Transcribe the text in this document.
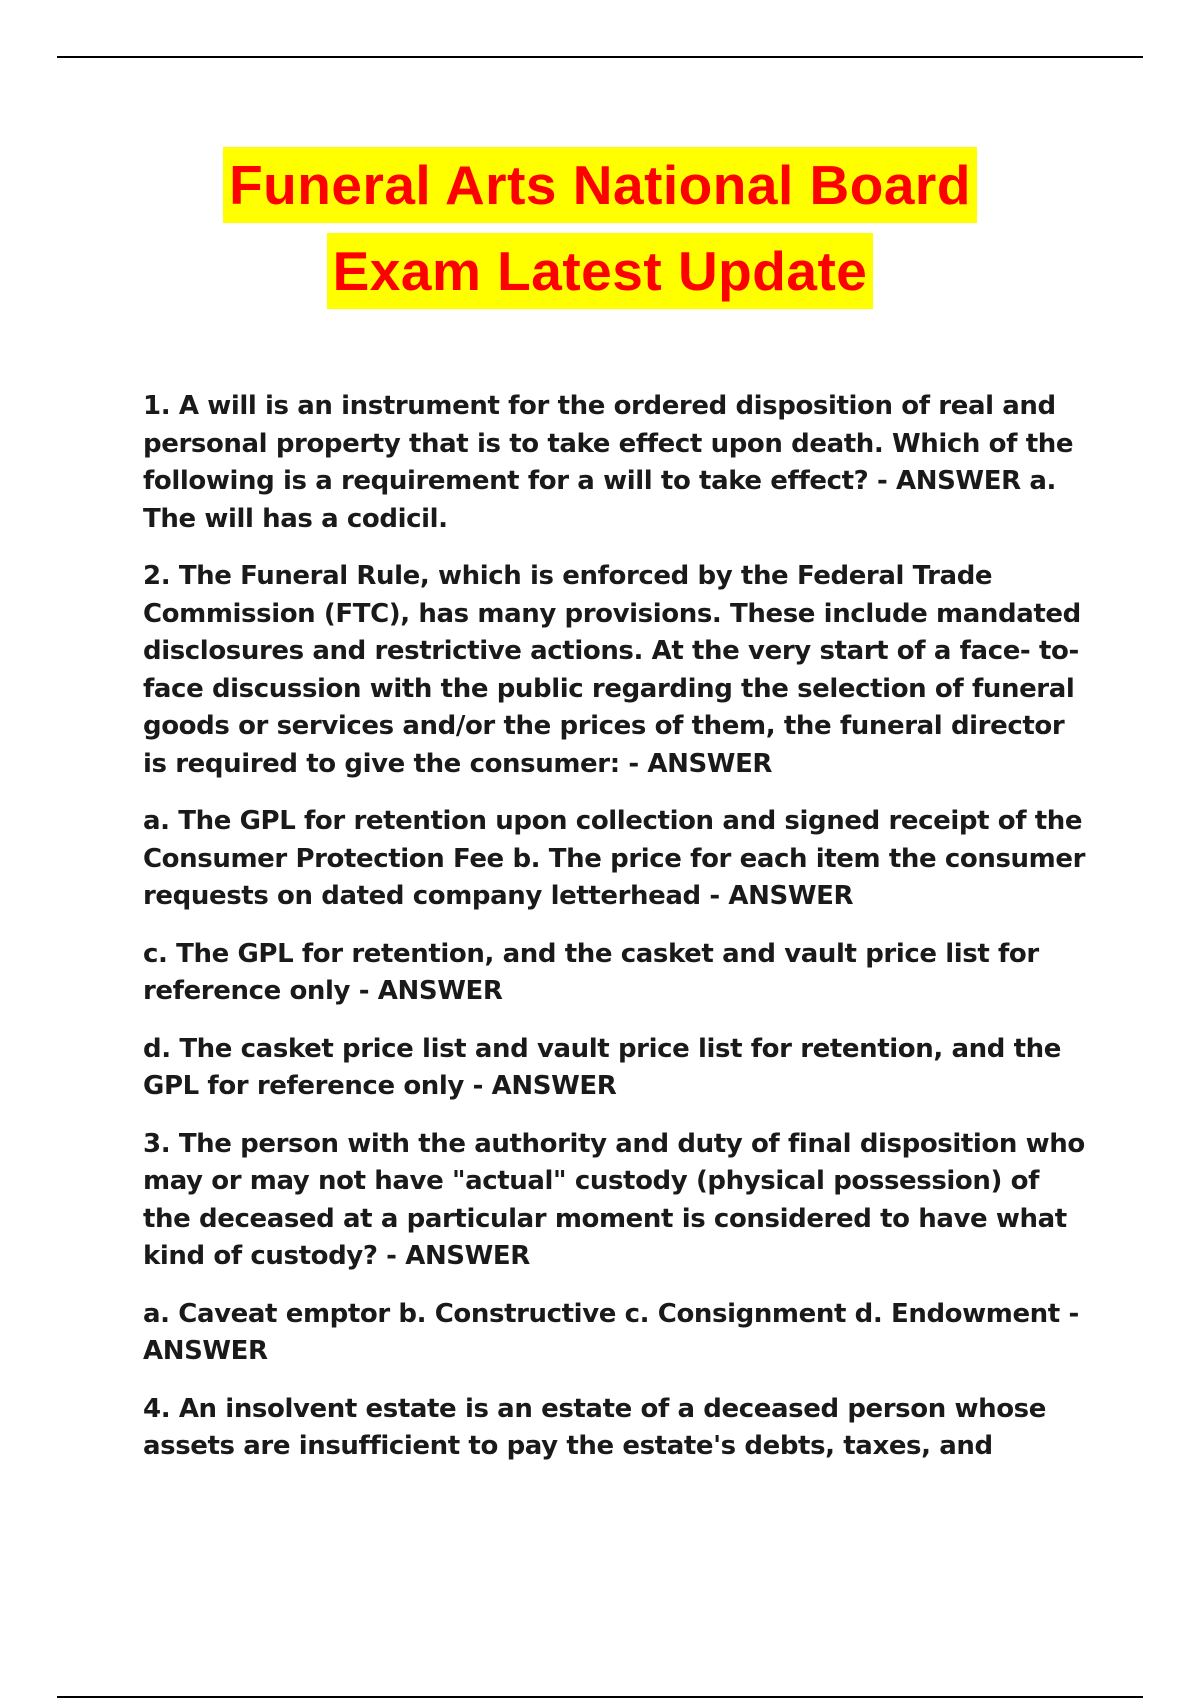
Funeral Arts National Board
Exam Latest Update

1. A will is an instrument for the ordered disposition of real and personal property that is to take effect upon death. Which of the following is a requirement for a will to take effect? - ANSWER a. The will has a codicil.

2. The Funeral Rule, which is enforced by the Federal Trade Commission (FTC), has many provisions. These include mandated disclosures and restrictive actions. At the very start of a face- to-face discussion with the public regarding the selection of funeral goods or services and/or the prices of them, the funeral director is required to give the consumer: - ANSWER

a. The GPL for retention upon collection and signed receipt of the Consumer Protection Fee b. The price for each item the consumer requests on dated company letterhead - ANSWER

c. The GPL for retention, and the casket and vault price list for reference only - ANSWER

d. The casket price list and vault price list for retention, and the GPL for reference only - ANSWER

3. The person with the authority and duty of final disposition who may or may not have "actual" custody (physical possession) of the deceased at a particular moment is considered to have what kind of custody? - ANSWER

a. Caveat emptor b. Constructive c. Consignment d. Endowment - ANSWER

4. An insolvent estate is an estate of a deceased person whose assets are insufficient to pay the estate's debts, taxes, and
